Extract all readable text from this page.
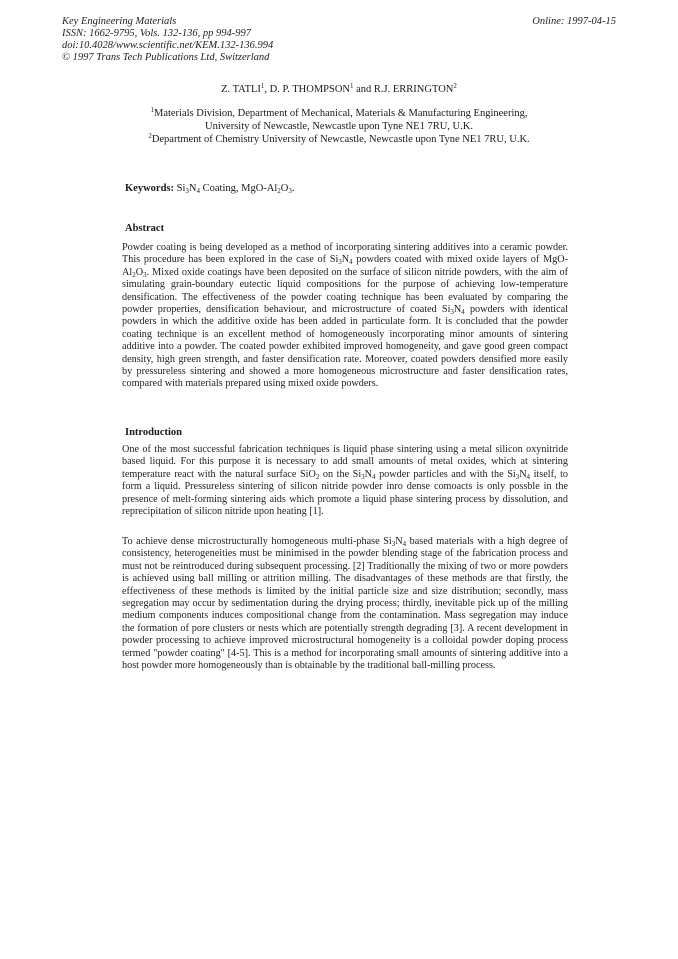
Key Engineering Materials
ISSN: 1662-9795, Vols. 132-136, pp 994-997
doi:10.4028/www.scientific.net/KEM.132-136.994
© 1997 Trans Tech Publications Ltd, Switzerland
Online: 1997-04-15
Z. TATLI$^1$, D. P. THOMPSON$^1$ and R.J. ERRINGTON$^2$
$^1$Materials Division, Department of Mechanical, Materials & Manufacturing Engineering,
University of Newcastle, Newcastle upon Tyne NE1 7RU, U.K.
$^2$Department of Chemistry University of Newcastle, Newcastle upon Tyne NE1 7RU, U.K.
Keywords: $Si_3N_4$ Coating, MgO-$Al_2O_3$.
Abstract
Powder coating is being developed as a method of incorporating sintering additives into a ceramic powder. This procedure has been explored in the case of $Si_3N_4$ powders coated with mixed oxide layers of MgO-$Al_2O_3$. Mixed oxide coatings have been deposited on the surface of silicon nitride powders, with the aim of simulating grain-boundary eutectic liquid compositions for the purpose of achieving low-temperature densification. The effectiveness of the powder coating technique has been evaluated by comparing the powder properties, densification behaviour, and microstructure of coated $Si_3N_4$ powders with identical powders in which the additive oxide has been added in particulate form. It is concluded that the powder coating technique is an excellent method of homogeneously incorporating minor amounts of sintering additive into a powder. The coated powder exhibited improved homogeneity, and gave good green compact density, high green strength, and faster densification rate. Moreover, coated powders densified more easily by pressureless sintering and showed a more homogeneous microstructure and faster densification rates, compared with materials prepared using mixed oxide powders.
Introduction
One of the most successful fabrication techniques is liquid phase sintering using a metal silicon oxynitride based liquid. For this purpose it is necessary to add small amounts of metal oxides, which at sintering temperature react with the natural surface SiO$_2$ on the $Si_3N_4$ powder particles and with the $Si_3N_4$ itself, to form a liquid. Pressureless sintering of silicon nitride powder inro dense comoacts is only possble in the presence of melt-forming sintering aids which promote a liquid phase sintering process by dissolution, and reprecipitation of silicon nitride upon heating [1].
To achieve dense microstructurally homogeneous multi-phase $Si_3N_4$ based materials with a high degree of consistency, heterogeneities must be minimised in the powder blending stage of the fabrication process and must not be reintroduced during subsequent processing. [2] Traditionally the mixing of two or more powders is achieved using ball milling or attrition milling. The disadvantages of these methods are that firstly, the effectiveness of these methods is limited by the initial particle size and size distribution; secondly, mass segregation may occur by sedimentation during the drying process; thirdly, inevitable pick up of the milling medium components induces compositional change from the contamination. Mass segregation may induce the formation of pore clusters or nests which are potentially strength degrading [3]. A recent development in powder processing to achieve improved microstructural homogeneity is a colloidal powder doping process termed "powder coating" [4-5]. This is a method for incorporating small amounts of sintering additive into a host powder more homogeneously than is obtainable by the traditional ball-milling process.
